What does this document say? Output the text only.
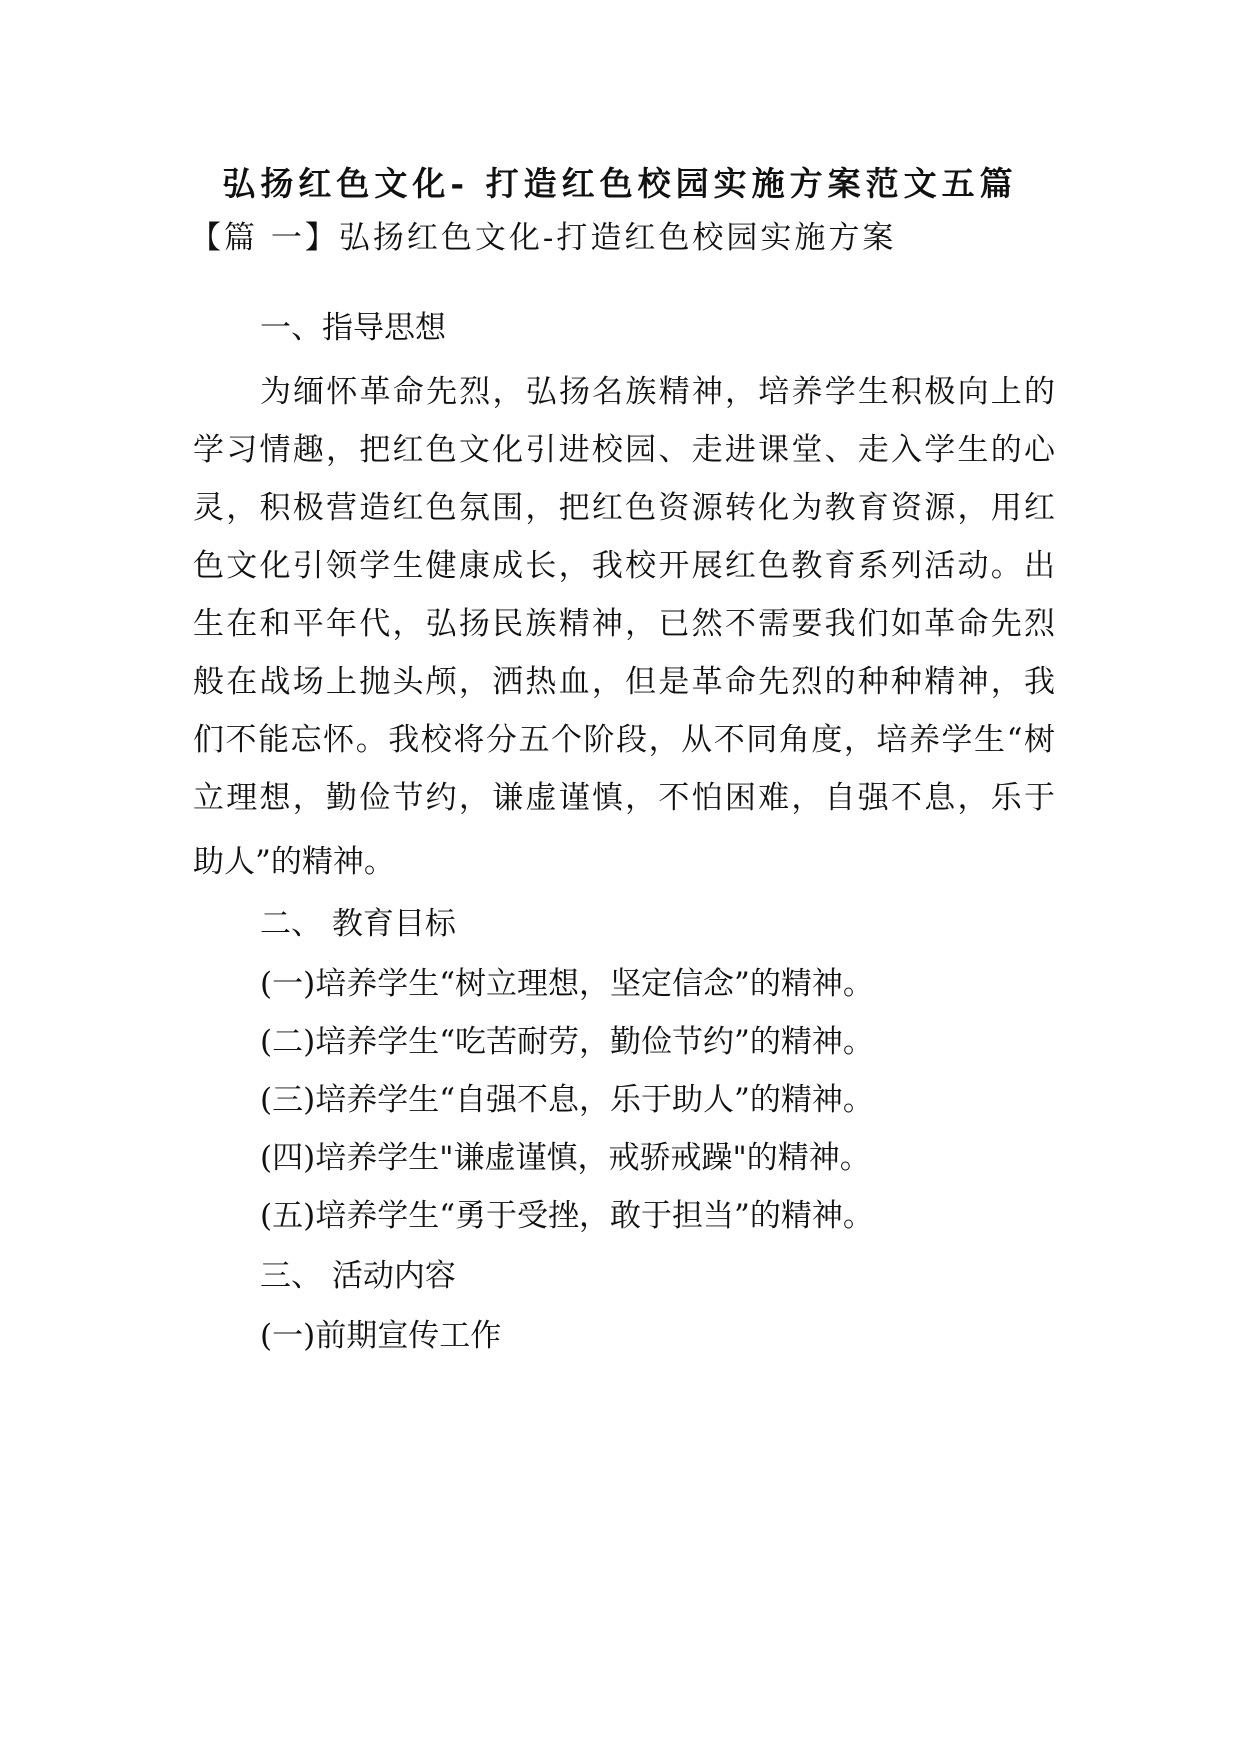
弘扬红色文化- 打造红色校园实施方案范文五篇
【篇 一】弘扬红色文化-打造红色校园实施方案
一、指导思想
为缅怀革命先烈，弘扬名族精神，培养学生积极向上的
学习情趣，把红色文化引进校园、走进课堂、走入学生的心
灵，积极营造红色氛围，把红色资源转化为教育资源，用红
色文化引领学生健康成长，我校开展红色教育系列活动。出
生在和平年代，弘扬民族精神，已然不需要我们如革命先烈
般在战场上抛头颅，洒热血，但是革命先烈的种种精神，我
们不能忘怀。我校将分五个阶段，从不同角度，培养学生“树
立理想，勤俭节约，谦虚谨慎，不怕困难，自强不息，乐于
助人”的精神。
二、 教育目标
(一)培养学生“树立理想，坚定信念”的精神。
(二)培养学生“吃苦耐劳，勤俭节约”的精神。
(三)培养学生“自强不息，乐于助人”的精神。
(四)培养学生"谦虚谨慎，戒骄戒躁"的精神。
(五)培养学生“勇于受挫，敢于担当”的精神。
三、 活动内容
(一)前期宣传工作
